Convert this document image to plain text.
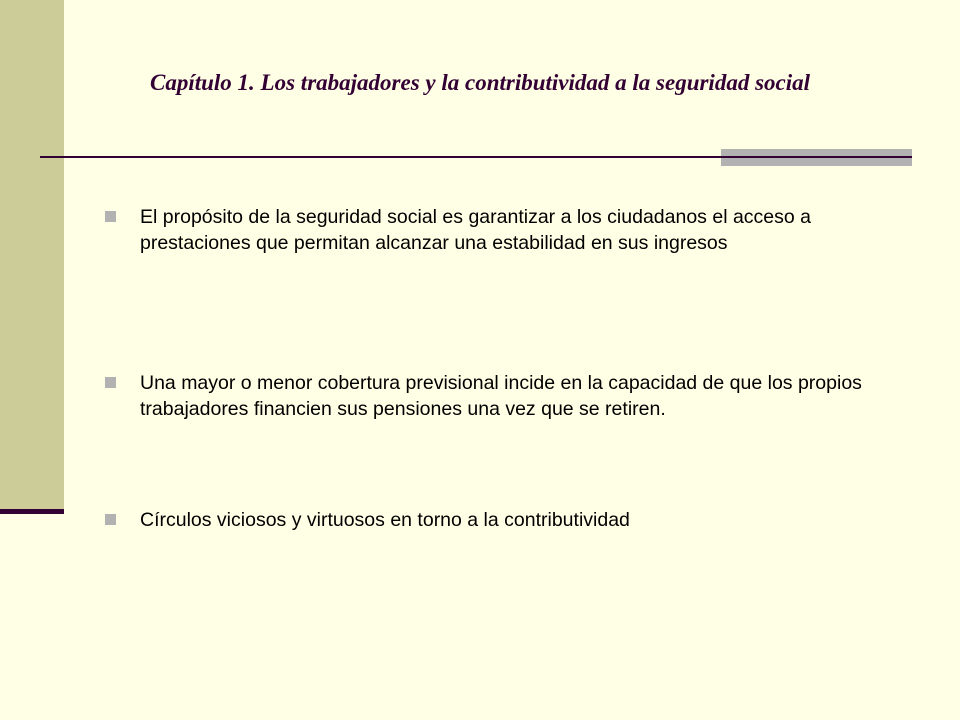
Capítulo 1. Los trabajadores y la contributividad a la seguridad social
El propósito de la seguridad social es garantizar a los ciudadanos el acceso a prestaciones que permitan alcanzar una estabilidad en sus ingresos
Una mayor o menor cobertura previsional incide en la capacidad de que los propios trabajadores financien sus pensiones una vez que se retiren.
Círculos viciosos y virtuosos en torno a la contributividad
